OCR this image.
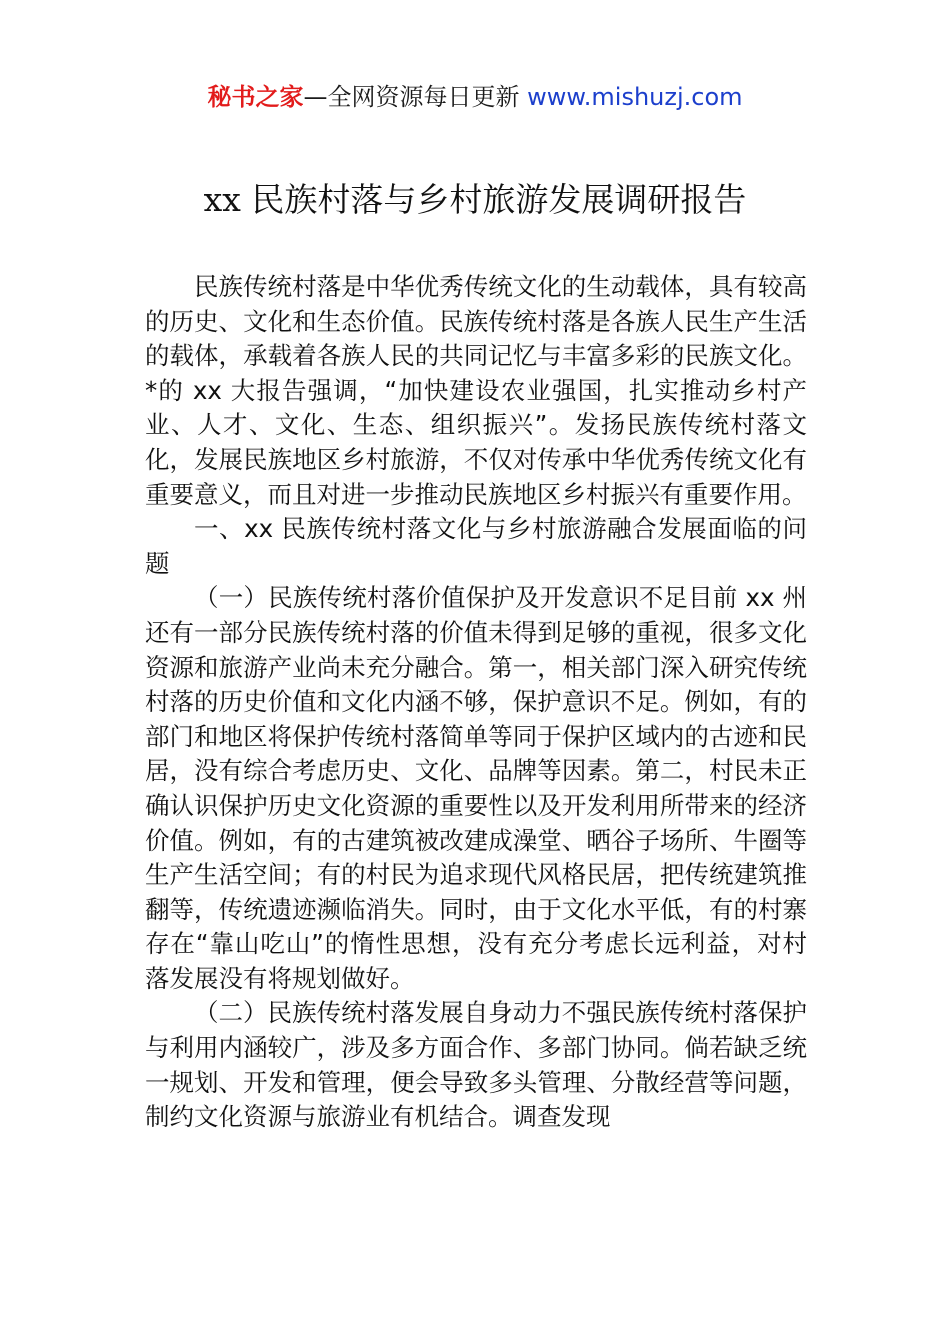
秘书之家—全网资源每日更新 www.mishuzj.com
xx 民族村落与乡村旅游发展调研报告

民族传统村落是中华优秀传统文化的生动载体，具有较高的历史、文化和生态价值。民族传统村落是各族人民生产生活的载体，承载着各族人民的共同记忆与丰富多彩的民族文化。*的 xx 大报告强调，“加快建设农业强国，扎实推动乡村产业、人才、文化、生态、组织振兴”。发扬民族传统村落文化，发展民族地区乡村旅游，不仅对传承中华优秀传统文化有重要意义，而且对进一步推动民族地区乡村振兴有重要作用。

一、xx 民族传统村落文化与乡村旅游融合发展面临的问题

（一）民族传统村落价值保护及开发意识不足目前 xx 州还有一部分民族传统村落的价值未得到足够的重视，很多文化资源和旅游产业尚未充分融合。第一，相关部门深入研究传统村落的历史价值和文化内涵不够，保护意识不足。例如，有的部门和地区将保护传统村落简单等同于保护区域内的古迹和民居，没有综合考虑历史、文化、品牌等因素。第二，村民未正确认识保护历史文化资源的重要性以及开发利用所带来的经济价值。例如，有的古建筑被改建成澡堂、晒谷子场所、牛圈等生产生活空间；有的村民为追求现代风格民居，把传统建筑推翻等，传统遗迹濒临消失。同时，由于文化水平低，有的村寨存在“靠山吃山”的惰性思想，没有充分考虑长远利益，对村落发展没有将规划做好。

（二）民族传统村落发展自身动力不强民族传统村落保护与利用内涵较广，涉及多方面合作、多部门协同。倘若缺乏统一规划、开发和管理，便会导致多头管理、分散经营等问题，制约文化资源与旅游业有机结合。调查发现
